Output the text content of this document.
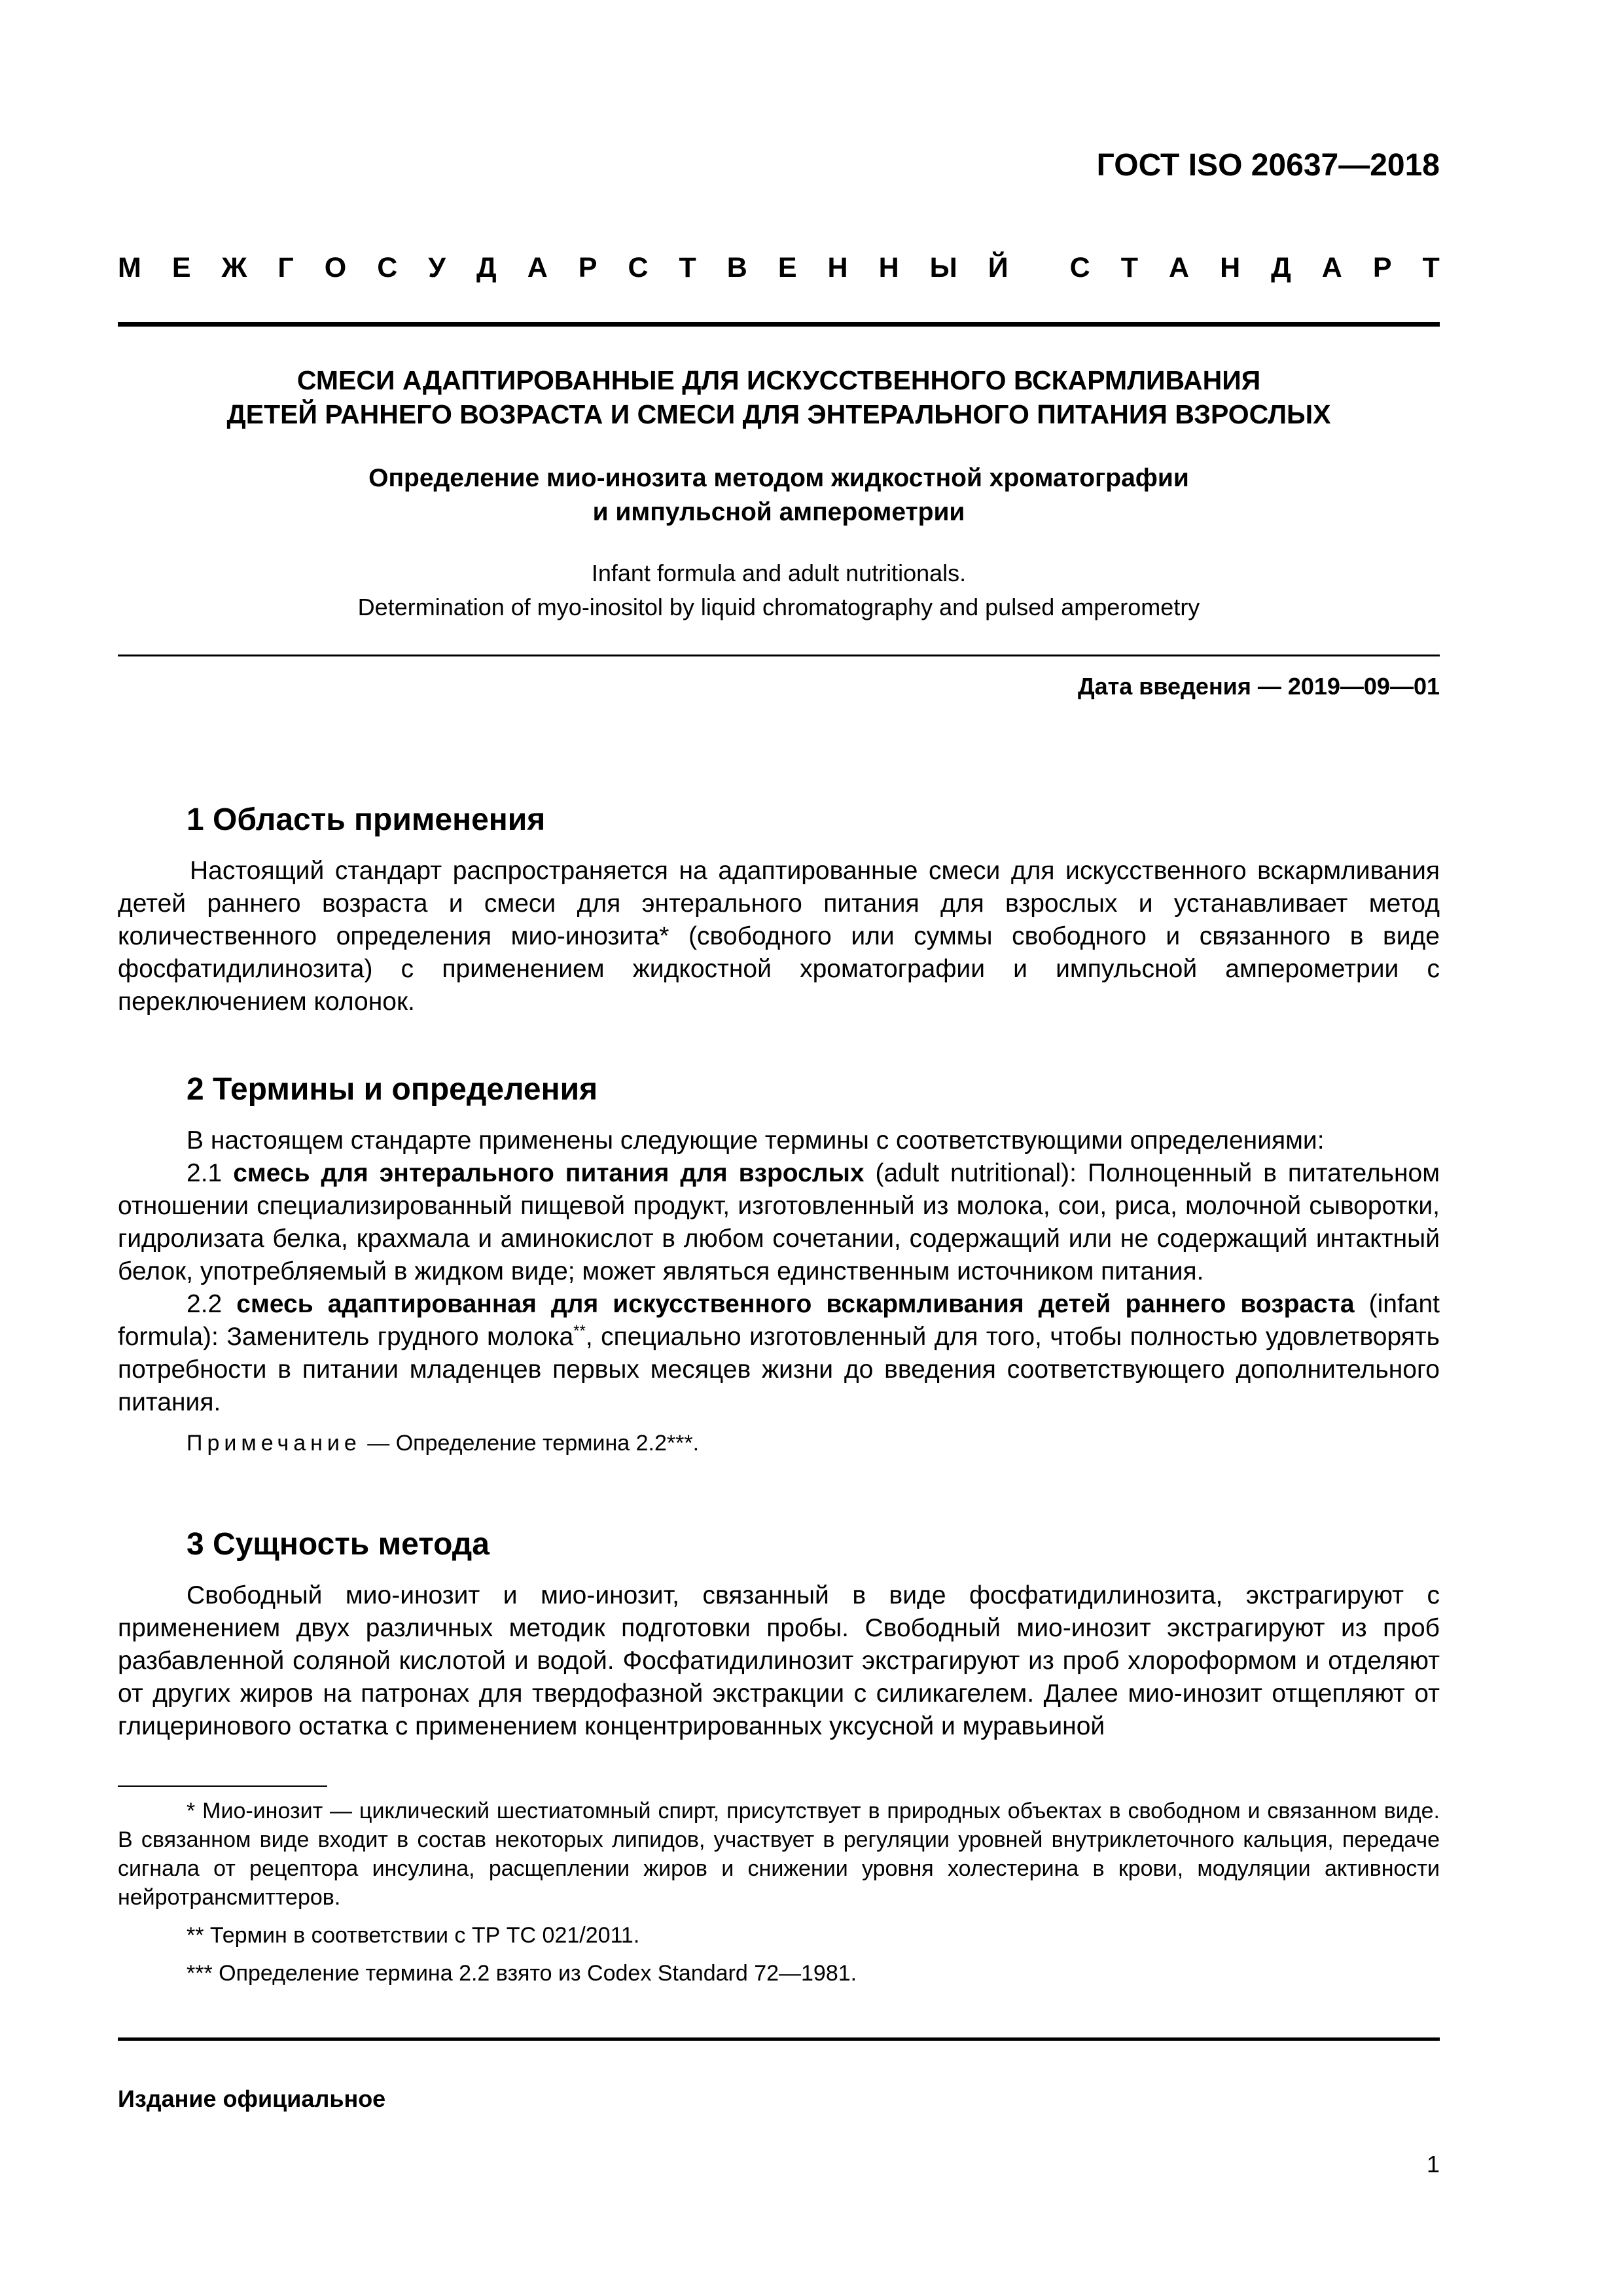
ГОСТ ISO 20637—2018
М Е Ж Г О С У Д А Р С Т В Е Н Н Ы Й С Т А Н Д А Р Т
СМЕСИ АДАПТИРОВАННЫЕ ДЛЯ ИСКУССТВЕННОГО ВСКАРМЛИВАНИЯ
ДЕТЕЙ РАННЕГО ВОЗРАСТА И СМЕСИ ДЛЯ ЭНТЕРАЛЬНОГО ПИТАНИЯ ВЗРОСЛЫХ
Определение мио-инозита методом жидкостной хроматографии
и импульсной амперометрии
Infant formula and adult nutritionals.
Determination of myo-inositol by liquid chromatography and pulsed amperometry
Дата введения — 2019—09—01
1 Область применения

Настоящий стандарт распространяется на адаптированные смеси для искусственного вскармливания детей раннего возраста и смеси для энтерального питания для взрослых и устанавливает метод количественного определения мио-инозита* (свободного или суммы свободного и связанного в виде фосфатидилинозита) с применением жидкостной хроматографии и импульсной амперометрии с переключением колонок.

2 Термины и определения

В настоящем стандарте применены следующие термины с соответствующими определениями:

2.1 смесь для энтерального питания для взрослых (adult nutritional): Полноценный в питательном отношении специализированный пищевой продукт, изготовленный из молока, сои, риса, молочной сыворотки, гидролизата белка, крахмала и аминокислот в любом сочетании, содержащий или не содержащий интактный белок, употребляемый в жидком виде; может являться единственным источником питания.

2.2 смесь адаптированная для искусственного вскармливания детей раннего возраста (infant formula): Заменитель грудного молока**, специально изготовленный для того, чтобы полностью удовлетворять потребности в питании младенцев первых месяцев жизни до введения соответствующего дополнительного питания.

Примечание — Определение термина 2.2***.

3 Сущность метода

Свободный мио-инозит и мио-инозит, связанный в виде фосфатидилинозита, экстрагируют с применением двух различных методик подготовки пробы. Свободный мио-инозит экстрагируют из проб разбавленной соляной кислотой и водой. Фосфатидилинозит экстрагируют из проб хлороформом и отделяют от других жиров на патронах для твердофазной экстракции с силикагелем. Далее мио-инозит отщепляют от глицеринового остатка с применением концентрированных уксусной и муравьиной

* Мио-инозит — циклический шестиатомный спирт, присутствует в природных объектах в свободном и связанном виде. В связанном виде входит в состав некоторых липидов, участвует в регуляции уровней внутриклеточного кальция, передаче сигнала от рецептора инсулина, расщеплении жиров и снижении уровня холестерина в крови, модуляции активности нейротрансмиттеров.

** Термин в соответствии с ТР ТС 021/2011.

*** Определение термина 2.2 взято из Codex Standard 72—1981.

Издание официальное
1
